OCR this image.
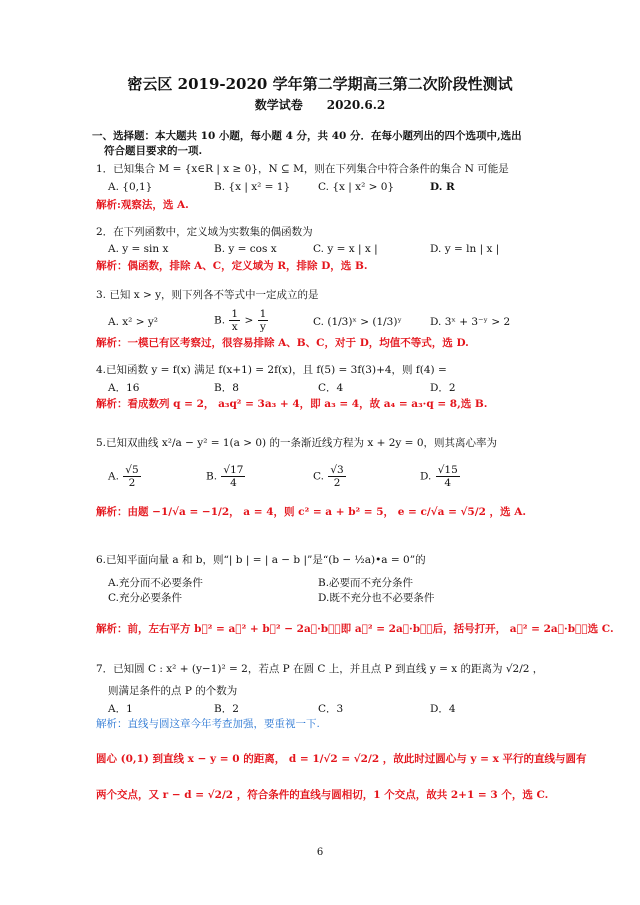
密云区 2019-2020 学年第二学期高三第二次阶段性测试
数学试卷　　2020.6.2
一、选择题：本大题共 10 小题，每小题 4 分，共 40 分．在每小题列出的四个选项中,选出
符合题目要求的一项.
1．已知集合 M = {x∈R | x ≥ 0}，N ⊆ M，则在下列集合中符合条件的集合 N 可能是
A. {0,1}	B. {x | x² = 1}	C. {x | x² > 0}	D. R
解析:观察法，选 A.
2．在下列函数中，定义域为实数集的偶函数为
A. y = sin x	B. y = cos x	C. y = x | x |	D. y = ln | x |
解析：偶函数，排除 A、C，定义域为 R，排除 D，选 B.
3. 已知 x > y，则下列各不等式中一定成立的是
A. x² > y²	B. $\frac{1}{x} > \frac{1}{y}$	C. (1/3)ˣ > (1/3)ʸ	D. 3ˣ + 3⁻ʸ > 2
解析：一模已有区考察过，很容易排除 A、B、C，对于 D，均值不等式，选 D.
4.已知函数 y = f(x) 满足 f(x+1) = 2f(x)，且 f(5) = 3f(3)+4，则 f(4) =
A．16	B．8	C．4	D．2
解析：看成数列 q = 2， a₃q² = 3a₃ + 4，即 a₃ = 4，故 a₄ = a₃·q = 8,选 B.
5.已知双曲线 x²/a − y² = 1(a > 0) 的一条渐近线方程为 x + 2y = 0，则其离心率为
A. $\frac{√5}{2}$	B. $\frac{√17}{4}$	C. $\frac{√3}{2}$	D. $\frac{√15}{4}$
解析：由题 −1/√a = −1/2， a = 4，则 c² = a + b² = 5， e = c/√a = √5/2 ，选 A.
6.已知平面向量 a 和 b，则“| b | = | a − b |”是“(b − ½a)•a = 0”的
A.充分而不必要条件	B.必要而不充分条件
C.充分必要条件	D.既不充分也不必要条件
解析：前，左右平方 b⃗² = a⃗² + b⃗² − 2a⃗·b⃗，即 a⃗² = 2a⃗·b⃗，后，括号打开， a⃗² = 2a⃗·b⃗，选 C.
7．已知圆 C : x² + (y−1)² = 2，若点 P 在圆 C 上，并且点 P 到直线 y = x 的距离为 √2/2 ，
则满足条件的点 P 的个数为
A．1	B．2	C．3	D．4
解析：直线与圆这章今年考查加强，要重视一下.
圆心 (0,1) 到直线 x − y = 0 的距离， d = 1/√2 = √2/2 ，故此时过圆心与 y = x 平行的直线与圆有
两个交点，又 r − d = √2/2 ，符合条件的直线与圆相切，1 个交点，故共 2+1 = 3 个，选 C.
6
